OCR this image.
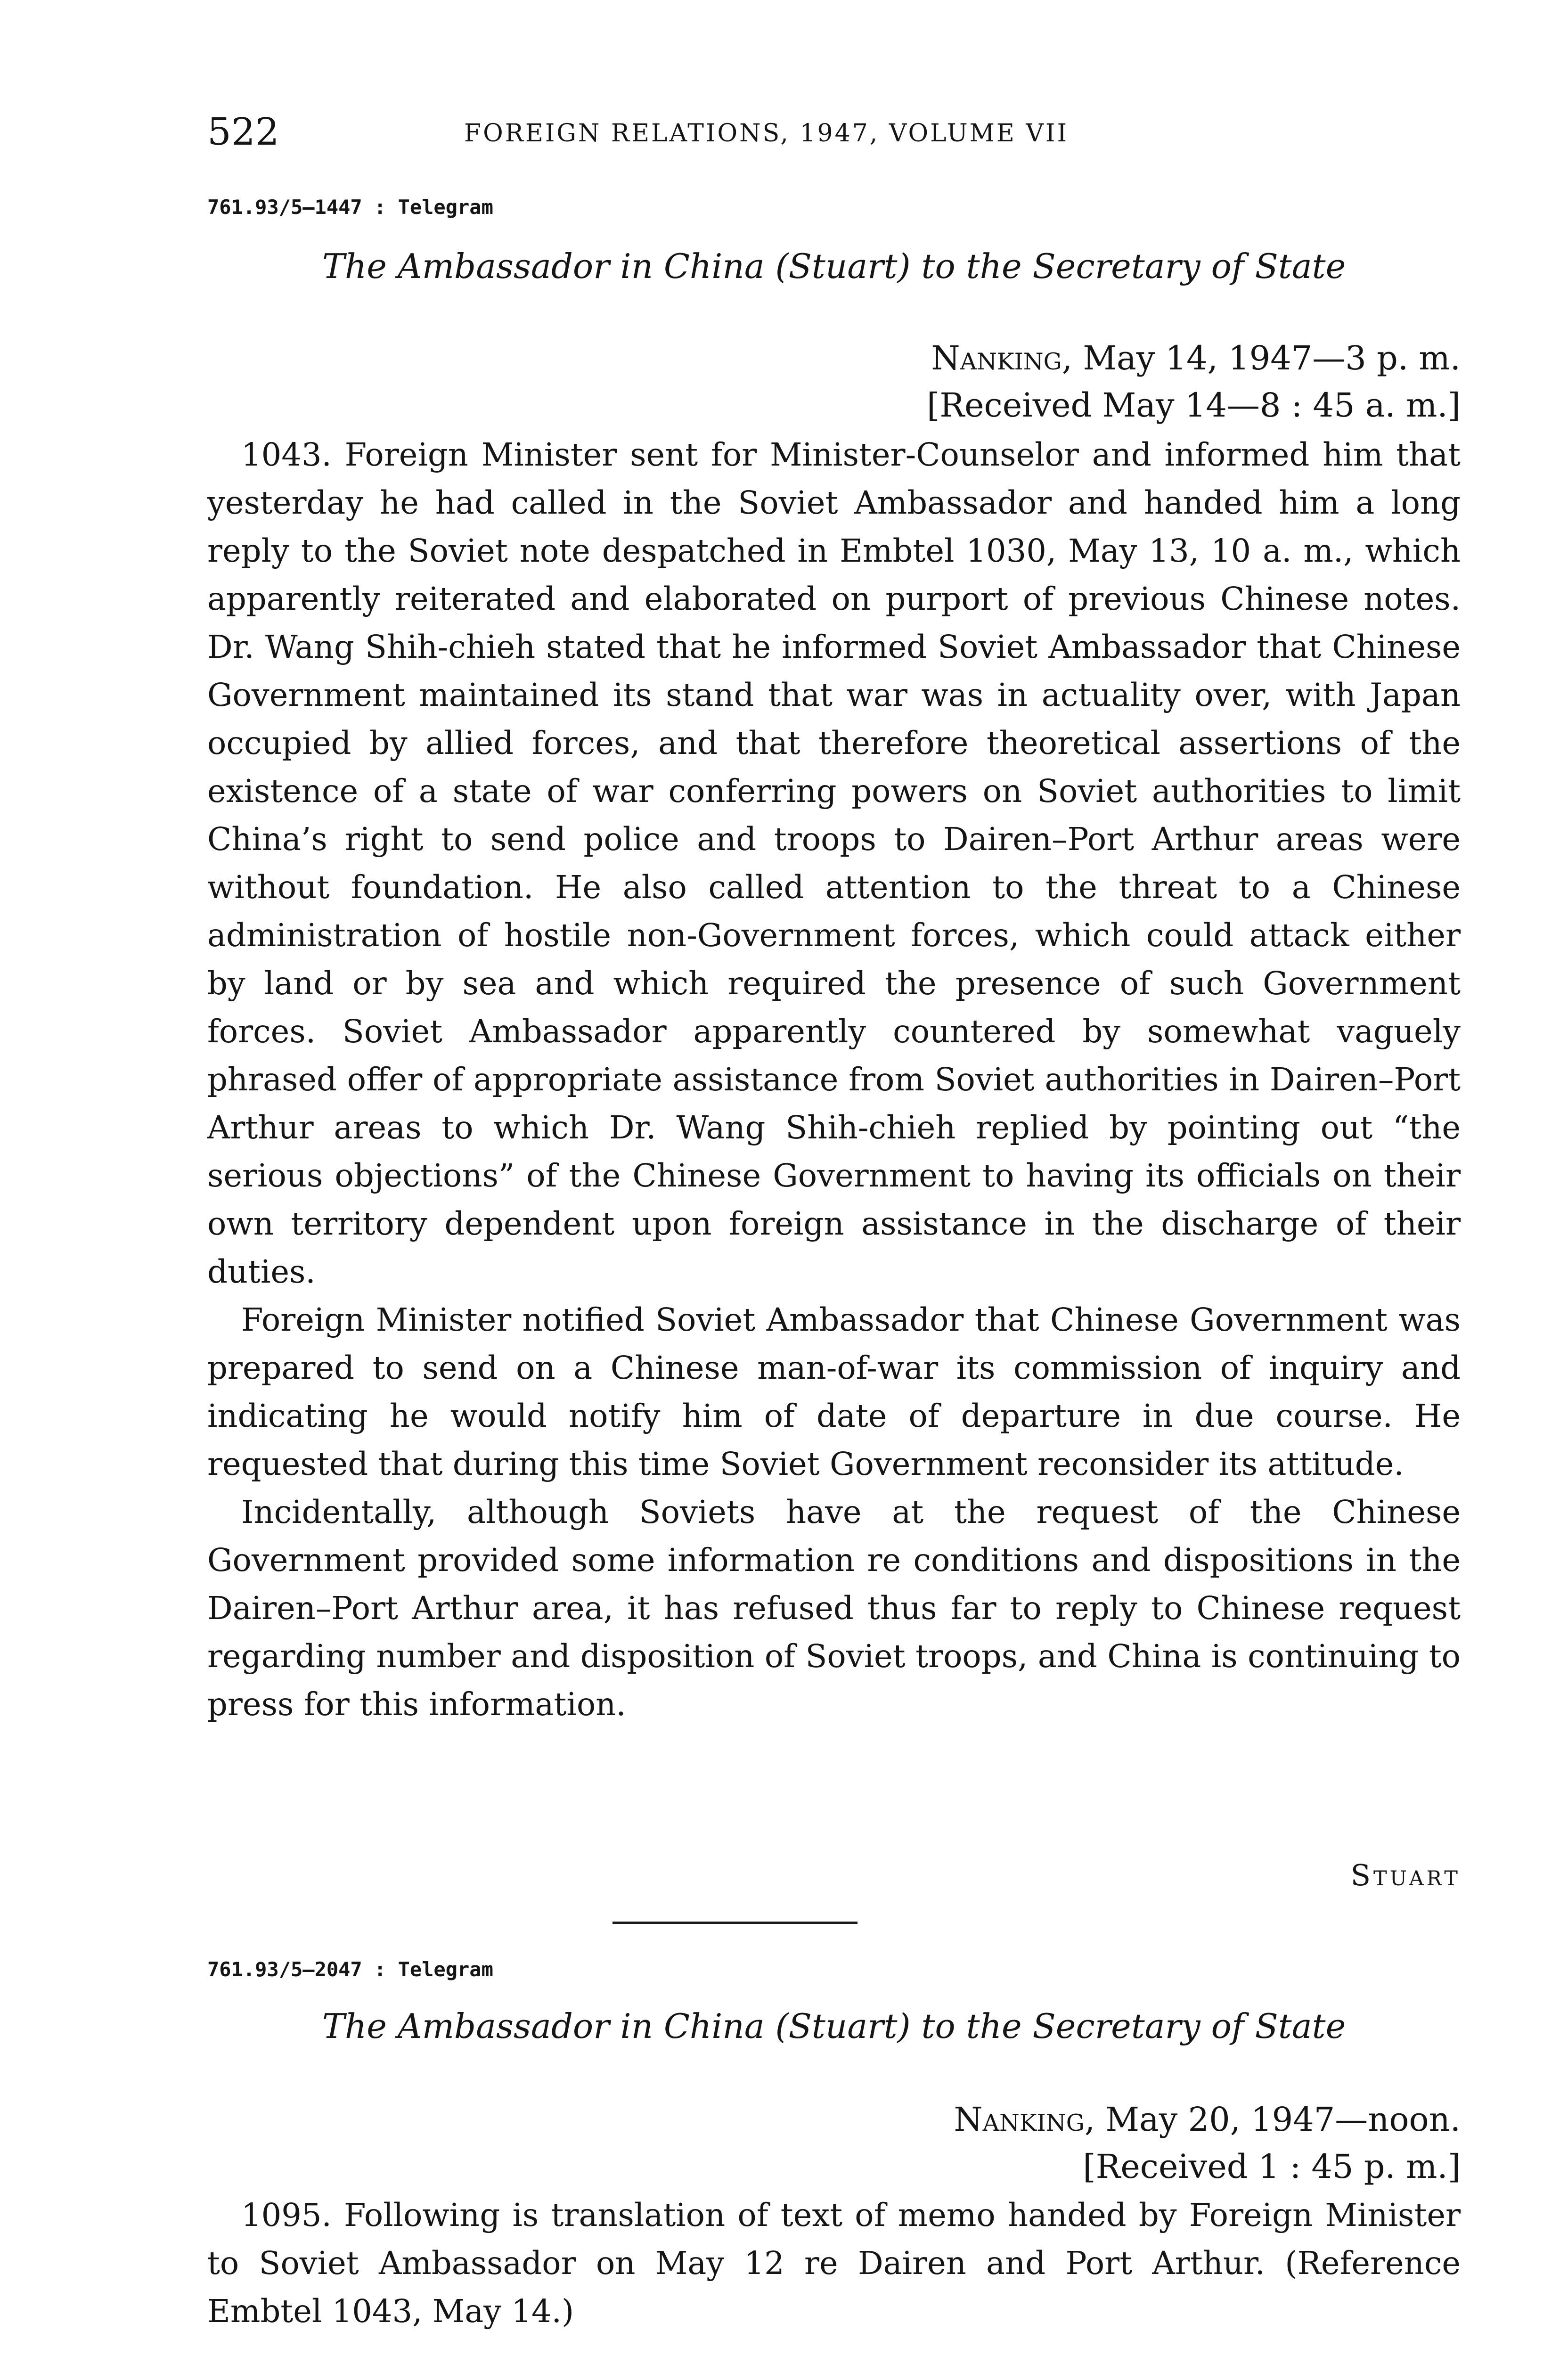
522	FOREIGN RELATIONS, 1947, VOLUME VII
761.93/5–1447 : Telegram
The Ambassador in China (Stuart) to the Secretary of State
Nanking, May 14, 1947—3 p. m.
[Received May 14—8 : 45 a. m.]

1043. Foreign Minister sent for Minister-Counselor and informed him that yesterday he had called in the Soviet Ambassador and handed him a long reply to the Soviet note despatched in Embtel 1030, May 13, 10 a. m., which apparently reiterated and elaborated on purport of previous Chinese notes. Dr. Wang Shih-chieh stated that he informed Soviet Ambassador that Chinese Government maintained its stand that war was in actuality over, with Japan occupied by allied forces, and that therefore theoretical assertions of the existence of a state of war conferring powers on Soviet authorities to limit China’s right to send police and troops to Dairen–Port Arthur areas were without foundation. He also called attention to the threat to a Chinese administration of hostile non-Government forces, which could attack either by land or by sea and which required the presence of such Government forces. Soviet Ambassador apparently countered by somewhat vaguely phrased offer of appropriate assistance from Soviet authorities in Dairen–Port Arthur areas to which Dr. Wang Shih-chieh replied by pointing out “the serious objections” of the Chinese Government to having its officials on their own territory dependent upon foreign assistance in the discharge of their duties.

Foreign Minister notified Soviet Ambassador that Chinese Government was prepared to send on a Chinese man-of-war its commission of inquiry and indicating he would notify him of date of departure in due course. He requested that during this time Soviet Government reconsider its attitude.

Incidentally, although Soviets have at the request of the Chinese Government provided some information re conditions and dispositions in the Dairen–Port Arthur area, it has refused thus far to reply to Chinese request regarding number and disposition of Soviet troops, and China is continuing to press for this information.

Stuart
761.93/5–2047 : Telegram
The Ambassador in China (Stuart) to the Secretary of State
Nanking, May 20, 1947—noon.
[Received 1 : 45 p. m.]

1095. Following is translation of text of memo handed by Foreign Minister to Soviet Ambassador on May 12 re Dairen and Port Arthur. (Reference Embtel 1043, May 14.)
